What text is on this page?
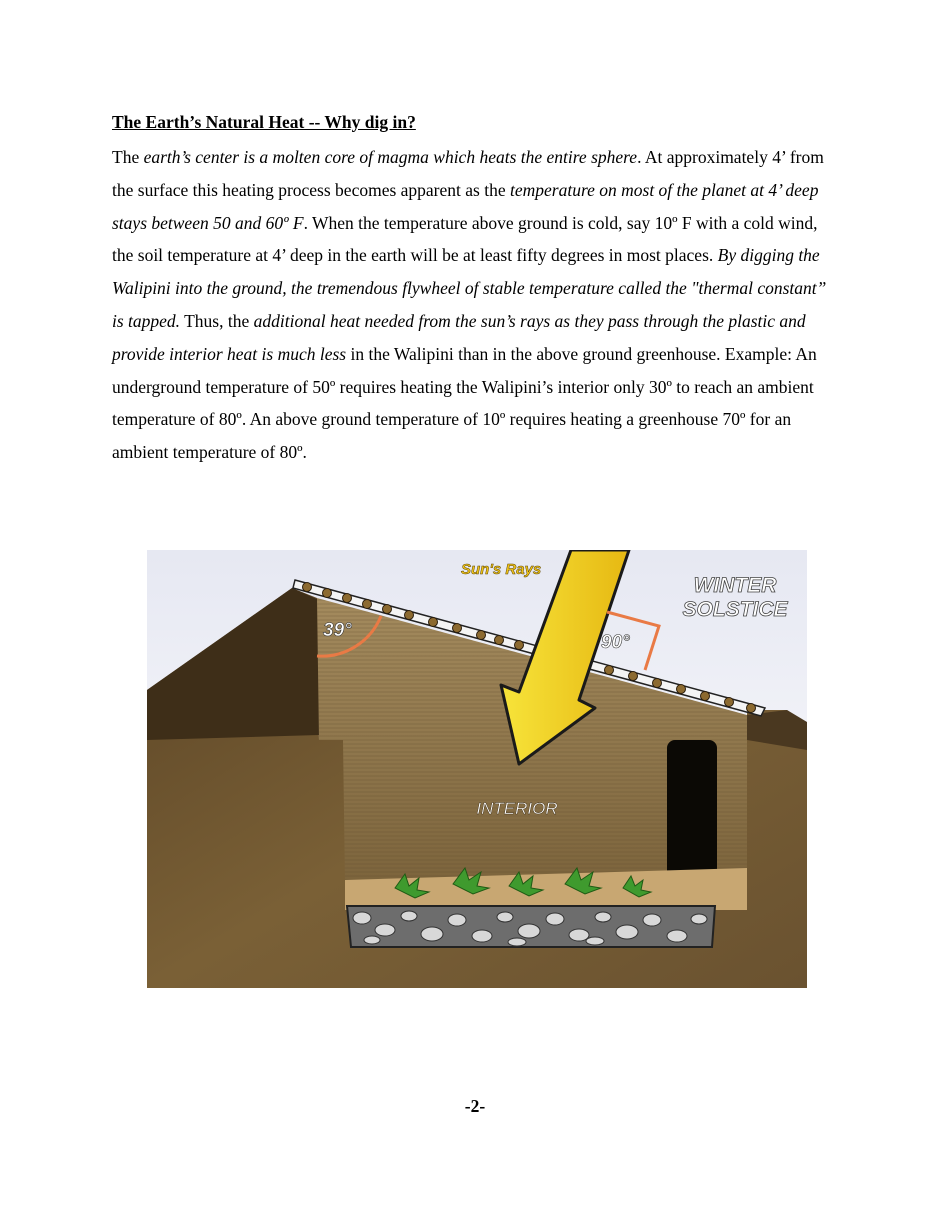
The Earth’s Natural Heat -- Why dig in?

The earth’s center is a molten core of magma which heats the entire sphere. At approximately 4’ from the surface this heating process becomes apparent as the temperature on most of the planet at 4’ deep stays between 50 and 60º F. When the temperature above ground is cold, say 10º F with a cold wind, the soil temperature at 4’ deep in the earth will be at least fifty degrees in most places. By digging the Walipini into the ground, the tremendous flywheel of stable temperature called the "thermal constant” is tapped. Thus, the additional heat needed from the sun’s rays as they pass through the plastic and provide interior heat is much less in the Walipini than in the above ground greenhouse. Example: An underground temperature of 50º requires heating the Walipini’s interior only 30º to reach an ambient temperature of 80º. An above ground temperature of 10º requires heating a greenhouse 70º for an ambient temperature of 80º.

39°
90°
Sun's Rays
WINTER
SOLSTICE
INTERIOR
-2-
